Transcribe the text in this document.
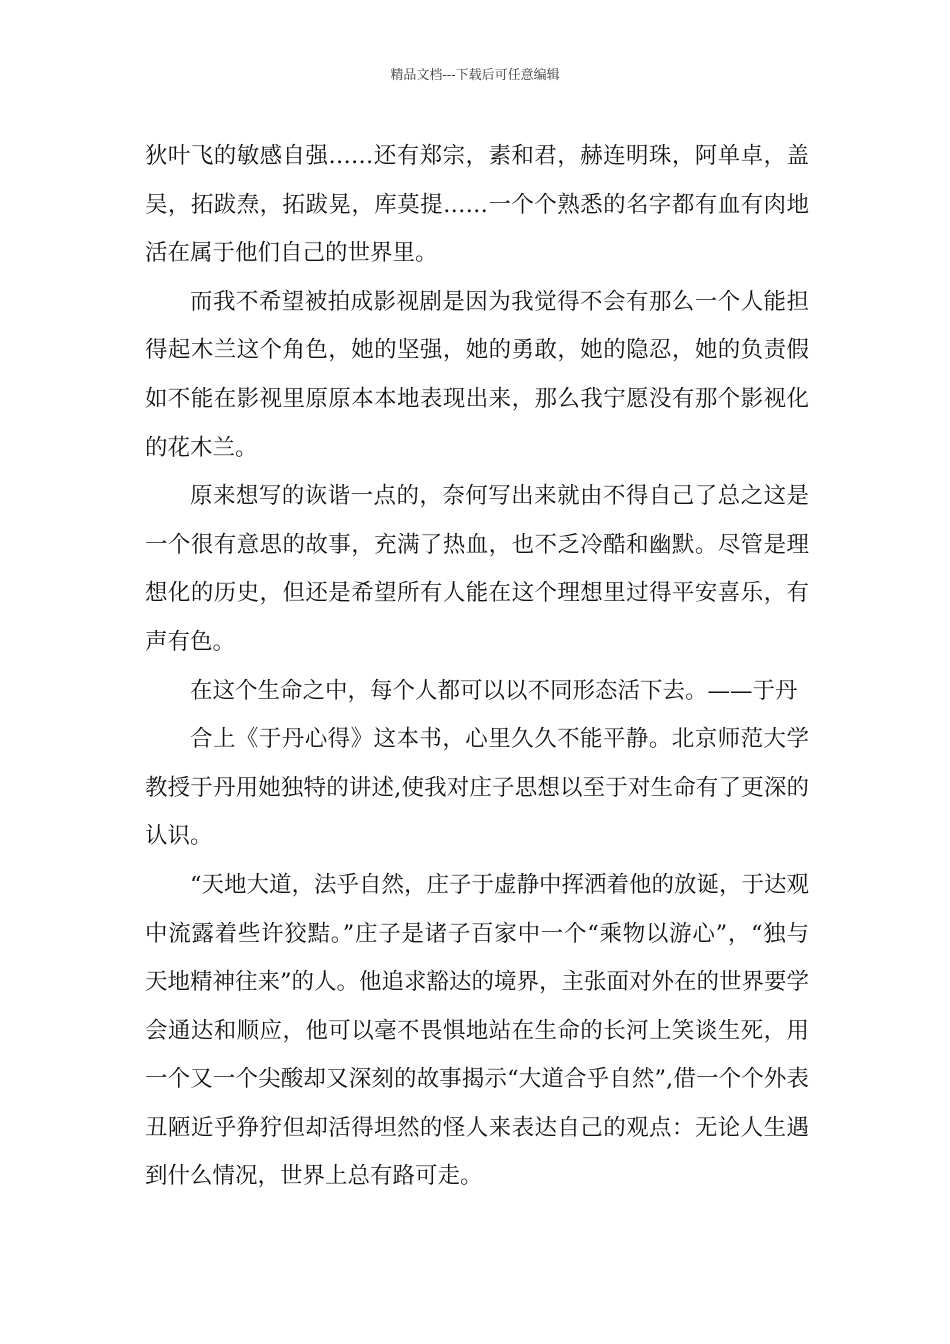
精品文档---下载后可任意编辑

狄叶飞的敏感自强……还有郑宗，素和君，赫连明珠，阿单卓，盖吴，拓跋焘，拓跋晃，库莫提……一个个熟悉的名字都有血有肉地活在属于他们自己的世界里。

而我不希望被拍成影视剧是因为我觉得不会有那么一个人能担得起木兰这个角色，她的坚强，她的勇敢，她的隐忍，她的负责假如不能在影视里原原本本地表现出来，那么我宁愿没有那个影视化的花木兰。

原来想写的诙谐一点的，奈何写出来就由不得自己了总之这是一个很有意思的故事，充满了热血，也不乏冷酷和幽默。尽管是理想化的历史，但还是希望所有人能在这个理想里过得平安喜乐，有声有色。

在这个生命之中，每个人都可以以不同形态活下去。——于丹

合上《于丹心得》这本书，心里久久不能平静。北京师范大学教授于丹用她独特的讲述,使我对庄子思想以至于对生命有了更深的认识。

“天地大道，法乎自然，庄子于虚静中挥洒着他的放诞，于达观中流露着些许狡黠。”庄子是诸子百家中一个“乘物以游心”，“独与天地精神往来”的人。他追求豁达的境界，主张面对外在的世界要学会通达和顺应，他可以毫不畏惧地站在生命的长河上笑谈生死，用一个又一个尖酸却又深刻的故事揭示“大道合乎自然”,借一个个外表丑陋近乎狰狞但却活得坦然的怪人来表达自己的观点：无论人生遇到什么情况，世界上总有路可走。
